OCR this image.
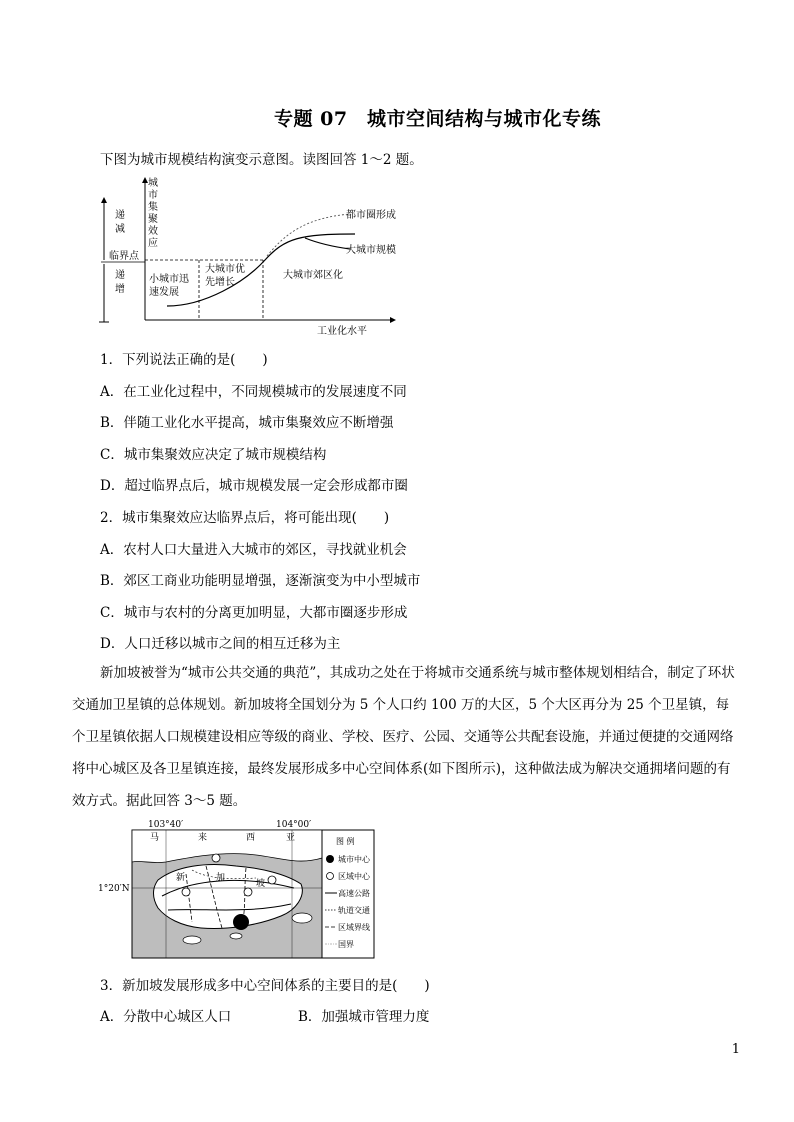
专题 07　城市空间结构与城市化专练
下图为城市规模结构演变示意图。读图回答 1～2 题。
城
市
集
聚
效
应
递
减
递
增
临界点
小城市迅
速发展
大城市优
先增长
大城市郊区化
都市圈形成
大城市规模
工业化水平
1．下列说法正确的是(　　)
A．在工业化过程中，不同规模城市的发展速度不同
B．伴随工业化水平提高，城市集聚效应不断增强
C．城市集聚效应决定了城市规模结构
D．超过临界点后，城市规模发展一定会形成都市圈
2．城市集聚效应达临界点后，将可能出现(　　)
A．农村人口大量进入大城市的郊区，寻找就业机会
B．郊区工商业功能明显增强，逐渐演变为中小型城市
C．城市与农村的分离更加明显，大都市圈逐步形成
D．人口迁移以城市之间的相互迁移为主
新加坡被誉为“城市公共交通的典范”，其成功之处在于将城市交通系统与城市整体规划相结合，制定了环状交通加卫星镇的总体规划。新加坡将全国划分为 5 个人口约 100 万的大区，5 个大区再分为 25 个卫星镇，每个卫星镇依据人口规模建设相应等级的商业、学校、医疗、公园、交通等公共配套设施，并通过便捷的交通网络将中心城区及各卫星镇连接，最终发展形成多中心空间体系(如下图所示)，这种做法成为解决交通拥堵问题的有效方式。据此回答 3～5 题。
103°40′	104°00′
1°20′N
马	来	西	亚
新	加
坡
图 例
城市中心
区域中心
高速公路
轨道交通
区域界线
国界
3．新加坡发展形成多中心空间体系的主要目的是(　　)
A．分散中心城区人口	B．加强城市管理力度
1
